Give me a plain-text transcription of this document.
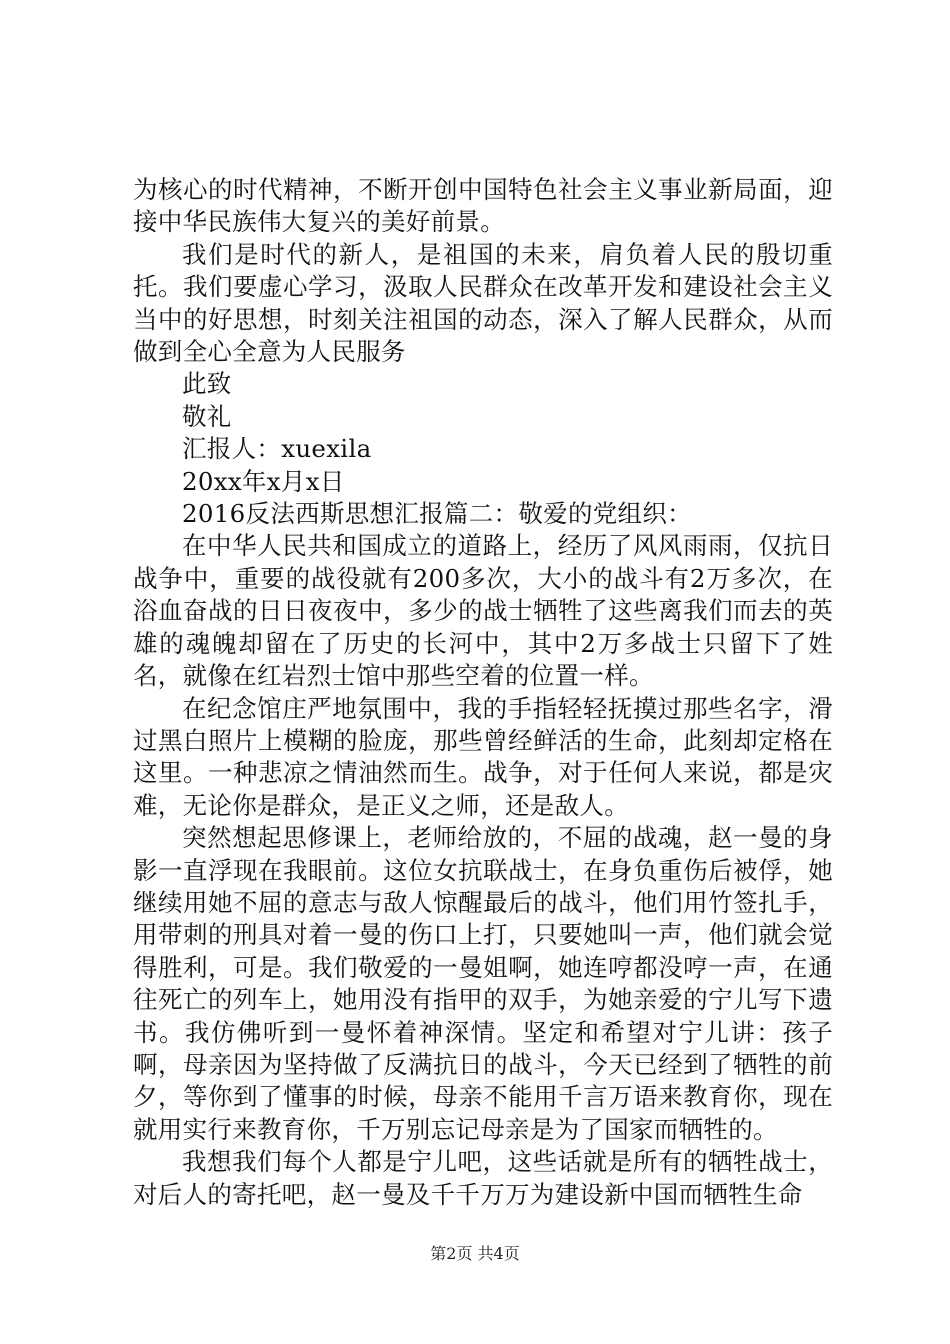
为核心的时代精神，不断开创中国特色社会主义事业新局面，迎接中华民族伟大复兴的美好前景。

我们是时代的新人，是祖国的未来，肩负着人民的殷切重托。我们要虚心学习，汲取人民群众在改革开发和建设社会主义当中的好思想，时刻关注祖国的动态，深入了解人民群众，从而做到全心全意为人民服务

此致

敬礼

汇报人：xuexila

20xx年x月x日

2016反法西斯思想汇报篇二：敬爱的党组织：

在中华人民共和国成立的道路上，经历了风风雨雨，仅抗日战争中，重要的战役就有200多次，大小的战斗有2万多次，在浴血奋战的日日夜夜中，多少的战士牺牲了这些离我们而去的英雄的魂魄却留在了历史的长河中，其中2万多战士只留下了姓名，就像在红岩烈士馆中那些空着的位置一样。

在纪念馆庄严地氛围中，我的手指轻轻抚摸过那些名字，滑过黑白照片上模糊的脸庞，那些曾经鲜活的生命，此刻却定格在这里。一种悲凉之情油然而生。战争，对于任何人来说，都是灾难，无论你是群众，是正义之师，还是敌人。

突然想起思修课上，老师给放的，不屈的战魂，赵一曼的身影一直浮现在我眼前。这位女抗联战士，在身负重伤后被俘，她继续用她不屈的意志与敌人惊醒最后的战斗，他们用竹签扎手，用带刺的刑具对着一曼的伤口上打，只要她叫一声，他们就会觉得胜利，可是。我们敬爱的一曼姐啊，她连哼都没哼一声，在通往死亡的列车上，她用没有指甲的双手，为她亲爱的宁儿写下遗书。我仿佛听到一曼怀着神深情。坚定和希望对宁儿讲：孩子啊，母亲因为坚持做了反满抗日的战斗，今天已经到了牺牲的前夕，等你到了懂事的时候，母亲不能用千言万语来教育你，现在就用实行来教育你，千万别忘记母亲是为了国家而牺牲的。

我想我们每个人都是宁儿吧，这些话就是所有的牺牲战士，对后人的寄托吧，赵一曼及千千万万为建设新中国而牺牲生命

第2页 共4页
